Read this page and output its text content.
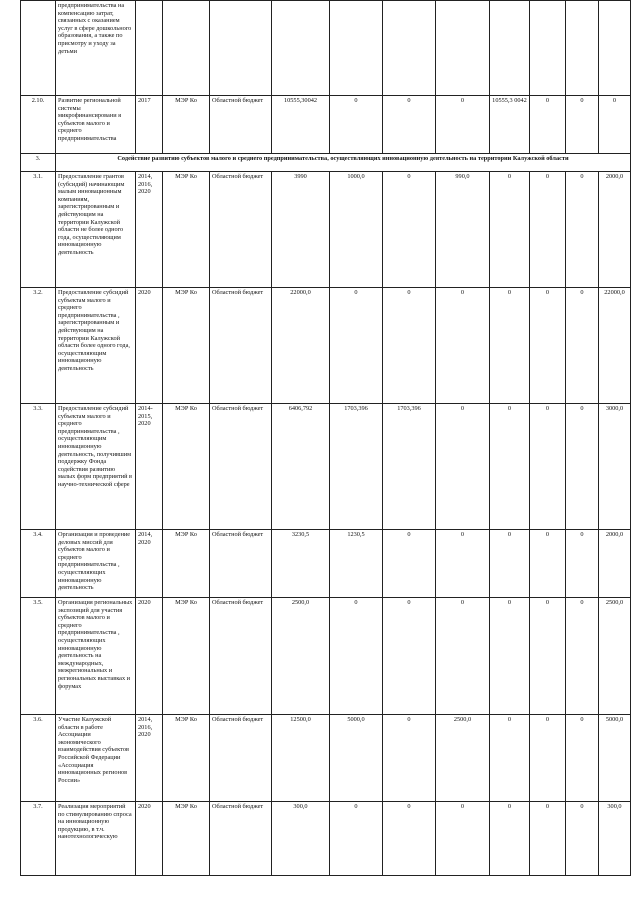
	предпринимательства на компенсацию затрат, связанных с оказанием услуг в сфере дошкольного образования, а также по присмотру и уходу за детьми											
2.10.	Развитие региональной системы микрофинансировани я субъектов малого и среднего предпринимательства	2017	МЭР Ко	Областной бюджет	10555,30042	0	0	0	10555,3 0042	0	0	0
3.	Содействие развитию субъектов малого и среднего предпринимательства, осуществляющих инновационную деятельность на территории Калужской области											
3.1.	Предоставление грантов (субсидий) начинающим малым инновационным компаниям, зарегистрированным и действующим на территории Калужской области не более одного года, осуществляющим инновационную деятельность	2014, 2016, 2020	МЭР Ко	Областной бюджет	3990	1000,0	0	990,0	0	0	0	2000,0
3.2.	Предоставление субсидий субъектам малого и среднего предпринимательства , зарегистрированным и действующим на территории Калужской области более одного года, осуществляющим инновационную деятельность	2020	МЭР Ко	Областной бюджет	22000,0	0	0	0	0	0	0	22000,0
3.3.	Предоставление субсидий субъектам малого и среднего предпринимательства , осуществляющим инновационную деятельность, получившим поддержку Фонда содействия развитию малых форм предприятий в научно-технической сфере	2014-2015, 2020	МЭР Ко	Областной бюджет	6406,792	1703,396	1703,396	0	0	0	0	3000,0
3.4.	Организация и проведение деловых миссий для субъектов малого и среднего предпринимательства , осуществляющих инновационную деятельность	2014, 2020	МЭР Ко	Областной бюджет	3230,5	1230,5	0	0	0	0	0	2000,0
3.5.	Организация региональных экспозиций для участия субъектов малого и среднего предпринимательства , осуществляющих инновационную деятельность на международных, межрегиональных и региональных выставках и форумах	2020	МЭР Ко	Областной бюджет	2500,0	0	0	0	0	0	0	2500,0
3.6.	Участие Калужской области в работе Ассоциации экономического взаимодействия субъектов Российской Федерации «Ассоциация инновационных регионов России»	2014, 2016, 2020	МЭР Ко	Областной бюджет	12500,0	5000,0	0	2500,0	0	0	0	5000,0
3.7.	Реализация мероприятий по стимулированию спроса на инновационную продукцию, в т.ч. нанотехнологическую	2020	МЭР Ко	Областной бюджет	300,0	0	0	0	0	0	0	300,0
